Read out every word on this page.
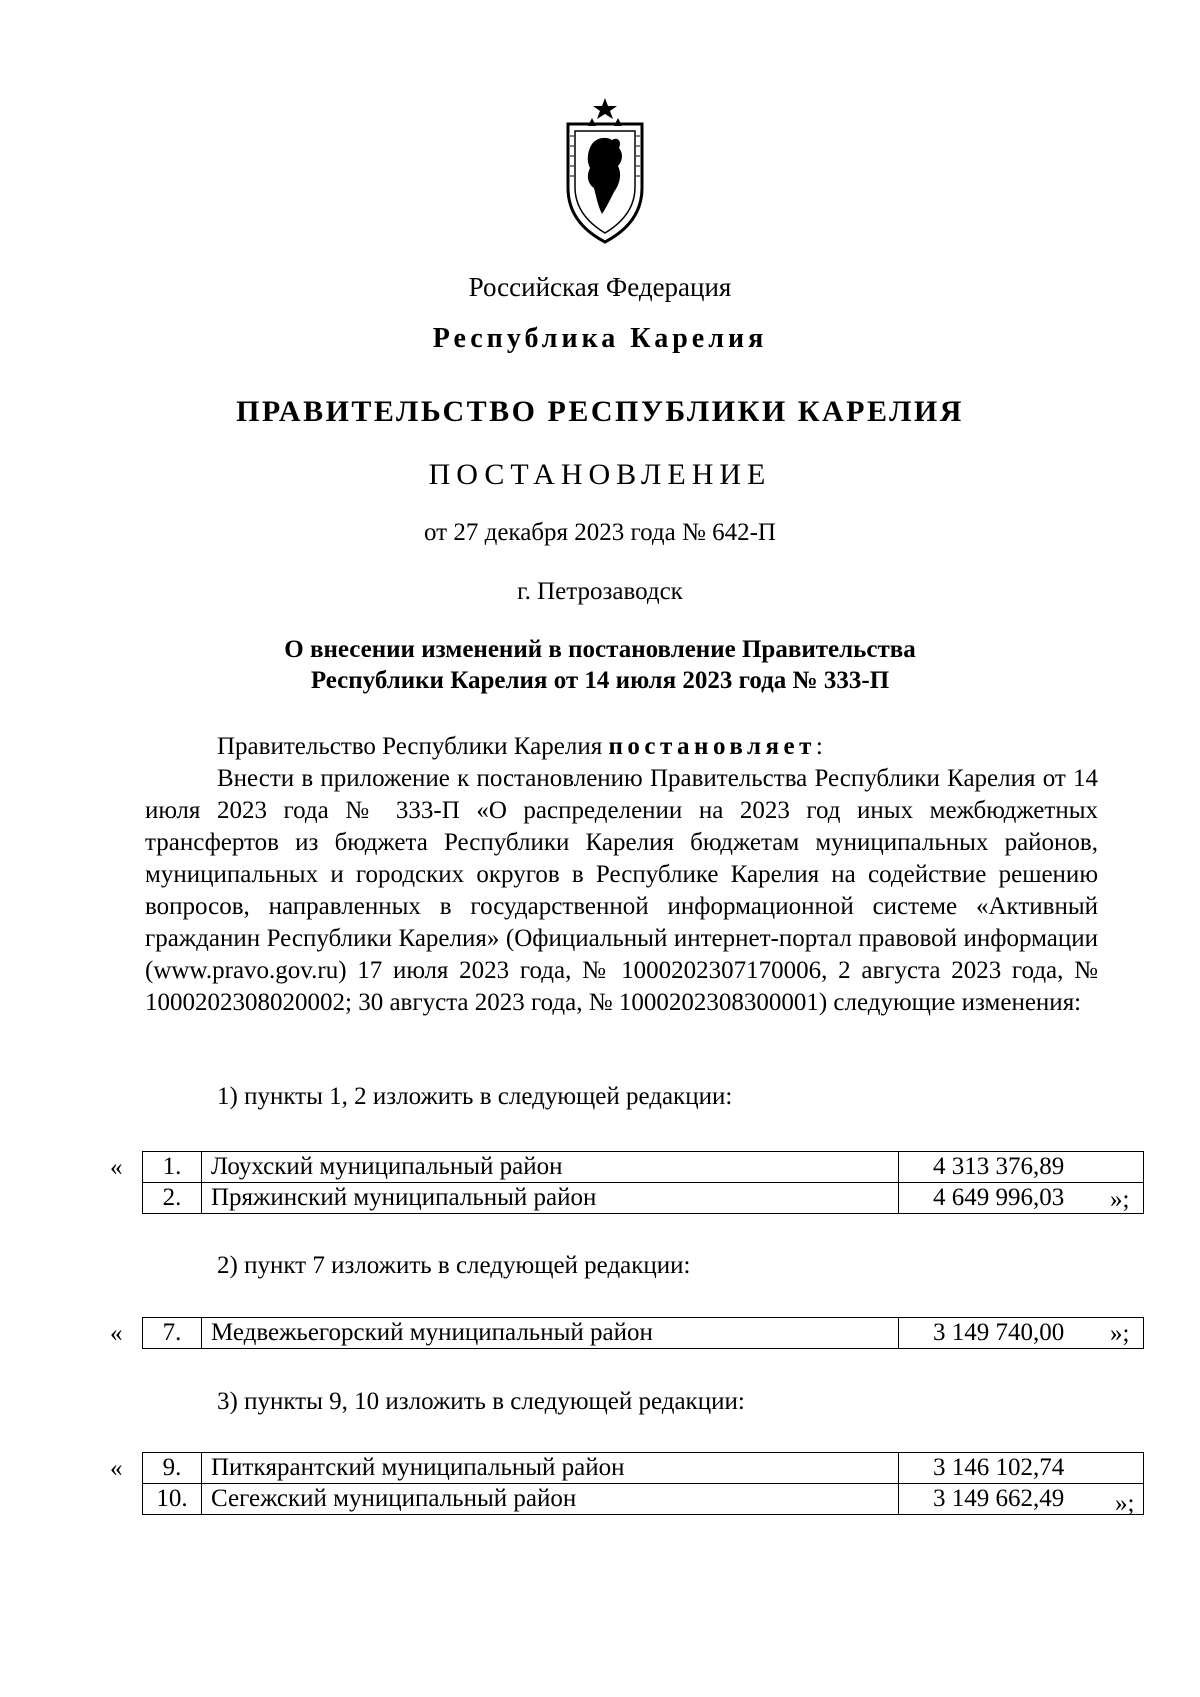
Российская Федерация
Республика Карелия
ПРАВИТЕЛЬСТВО РЕСПУБЛИКИ КАРЕЛИЯ
ПОСТАНОВЛЕНИЕ
от 27 декабря 2023 года № 642-П
г. Петрозаводск
О внесении изменений в постановление Правительства
Республики Карелия от 14 июля 2023 года № 333-П
Правительство Республики Карелия постановляет:
Внести в приложение к постановлению Правительства Республики Карелия от 14 июля 2023 года № 333-П «О распределении на 2023 год иных межбюджетных трансфертов из бюджета Республики Карелия бюджетам муниципальных районов, муниципальных и городских округов в Республике Карелия на содействие решению вопросов, направленных в государственной информационной системе «Активный гражданин Республики Карелия» (Официальный интернет-портал правовой информации (www.pravo.gov.ru) 17 июля 2023 года, № 1000202307170006, 2 августа 2023 года, № 1000202308020002; 30 августа 2023 года, № 1000202308300001) следующие изменения:
1) пункты 1, 2 изложить в следующей редакции:
« 1.	Лоухский муниципальный район	4 313 376,89
2.	Пряжинский муниципальный район	4 649 996,03 »;
2) пункт 7 изложить в следующей редакции:
« 7.	Медвежьегорский муниципальный район	3 149 740,00 »;
3) пункты 9, 10 изложить в следующей редакции:
« 9.	Питкярантский муниципальный район	3 146 102,74
10.	Сегежский муниципальный район	3 149 662,49 »;
